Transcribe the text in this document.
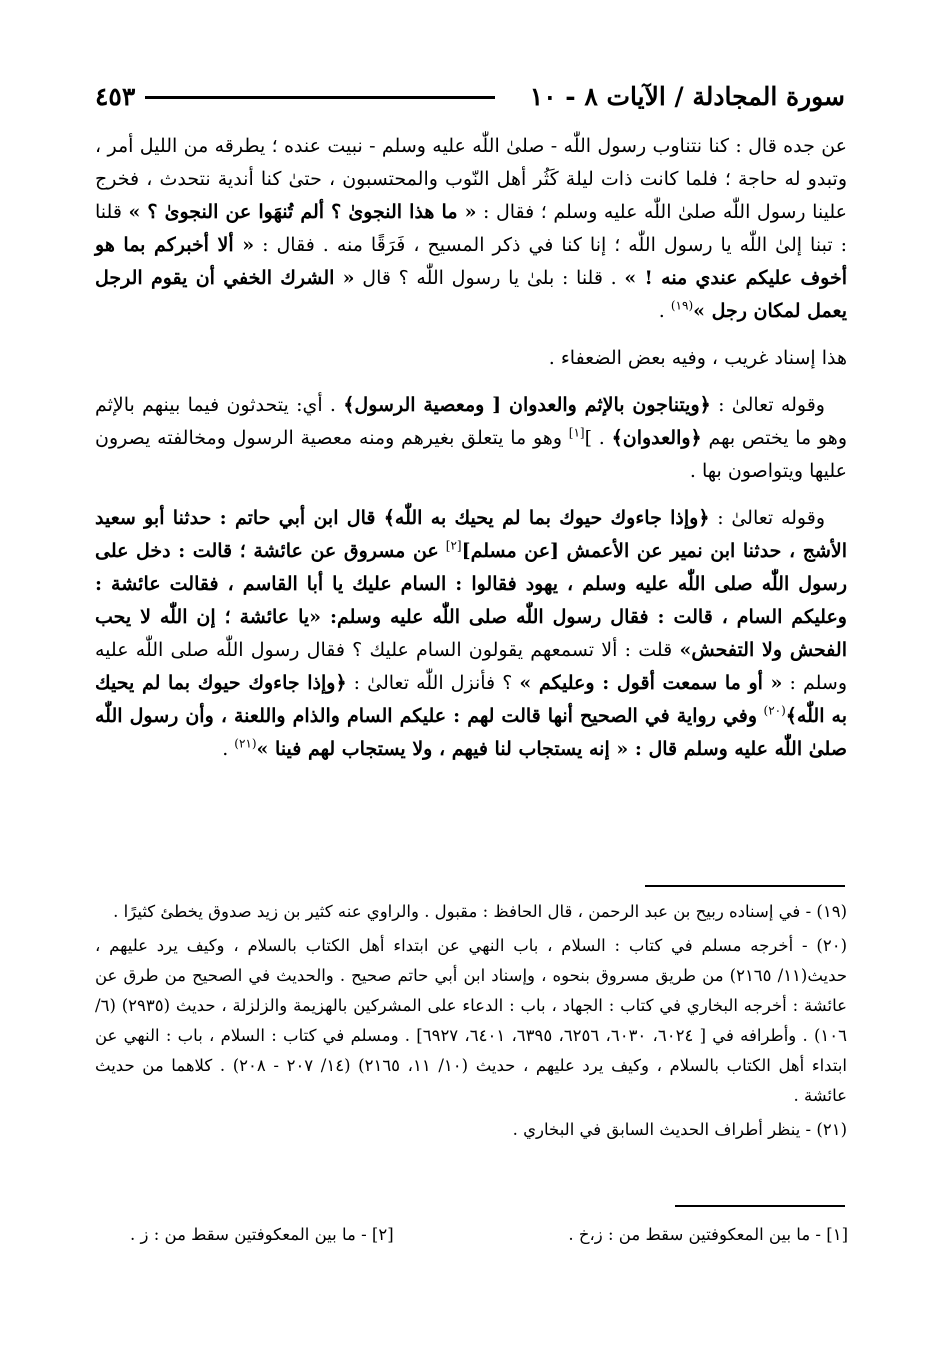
سورة المجادلة / الآيات ٨ - ١٠
٤٥٣

عن جده قال : كنا نتناوب رسول اللّٰه - صلىٰ اللّٰه عليه وسلم - نبيت عنده ؛ يطرقه من الليل أمر ، وتبدو له حاجة ؛ فلما كانت ذات ليلة كَثُر أهل النّوب والمحتسبون ، حتىٰ كنا أندية نتحدث ، فخرج علينا رسول اللّٰه صلىٰ اللّٰه عليه وسلم ؛ فقال : « ما هذا النجوىٰ ؟ ألم تُنهَوا عن النجوىٰ ؟ » قلنا : تبنا إلىٰ اللّٰه يا رسول اللّٰه ؛ إنا كنا في ذكر المسيح ، فَرَقًا منه . فقال : « ألا أخبركم بما هو أخوف عليكم عندي منه ! » . قلنا : بلىٰ يا رسول اللّٰه ؟ قال « الشرك الخفي أن يقوم الرجل يعمل لمكان رجل »$^{(١٩)}$ .

هذا إسناد غريب ، وفيه بعض الضعفاء .

وقوله تعالىٰ : ﴿ويتناجون بالإثم والعدوان [ ومعصية الرسول﴾ . أي: يتحدثون فيما بينهم بالإثم وهو ما يختص بهم ﴿والعدوان﴾ . ][١] وهو ما يتعلق بغيرهم ومنه معصية الرسول ومخالفته يصرون عليها ويتواصون بها .

وقوله تعالىٰ : ﴿وإذا جاءوك حيوك بما لم يحيك به اللّٰه﴾ قال ابن أبي حاتم : حدثنا أبو سعيد الأشج ، حدثنا ابن نمير عن الأعمش [عن مسلم][٢] عن مسروق عن عائشة ؛ قالت : دخل على رسول اللّٰه صلى اللّٰه عليه وسلم ، يهود فقالوا : السام عليك يا أبا القاسم ، فقالت عائشة : وعليكم السام ، قالت : فقال رسول اللّٰه صلى اللّٰه عليه وسلم: «يا عائشة ؛ إن اللّٰه لا يحب الفحش ولا التفحش» قلت : ألا تسمعهم يقولون السام عليك ؟ فقال رسول اللّٰه صلى اللّٰه عليه وسلم : « أو ما سمعت أقول : وعليكم » ؟ فأنزل اللّٰه تعالىٰ : ﴿وإذا جاءوك حيوك بما لم يحيك به اللّٰه﴾$^{(٢٠)}$ وفي رواية في الصحيح أنها قالت لهم : عليكم السام والذام واللعنة ، وأن رسول اللّٰه صلىٰ اللّٰه عليه وسلم قال : « إنه يستجاب لنا فيهم ، ولا يستجاب لهم فينا »$^{(٢١)}$ .

(١٩) - في إسناده ربيح بن عبد الرحمن ، قال الحافظ : مقبول . والراوي عنه كثير بن زيد صدوق يخطئ كثيرًا .

(٢٠) - أخرجه مسلم في كتاب : السلام ، باب النهي عن ابتداء أهل الكتاب بالسلام ، وكيف يرد عليهم ، حديث(١١/ ٢١٦٥) من طريق مسروق بنحوه ، وإسناد ابن أبي حاتم صحيح . والحديث في الصحيح من طرق عن عائشة : أخرجه البخاري في كتاب : الجهاد ، باب : الدعاء على المشركين بالهزيمة والزلزلة ، حديث (٢٩٣٥) (٦/ ١٠٦) . وأطرافه في [ ٦٠٢٤، ٦٠٣٠، ٦٢٥٦، ٦٣٩٥، ٦٤٠١، ٦٩٢٧] . ومسلم في كتاب : السلام ، باب : النهي عن ابتداء أهل الكتاب بالسلام ، وكيف يرد عليهم ، حديث (١٠/ ١١، ٢١٦٥) (١٤/ ٢٠٧ - ٢٠٨) . كلاهما من حديث عائشة .

(٢١) - ينظر أطراف الحديث السابق في البخاري .

[١] - ما بين المعكوفتين سقط من : ز،خ .
[٢] - ما بين المعكوفتين سقط من : ز .
